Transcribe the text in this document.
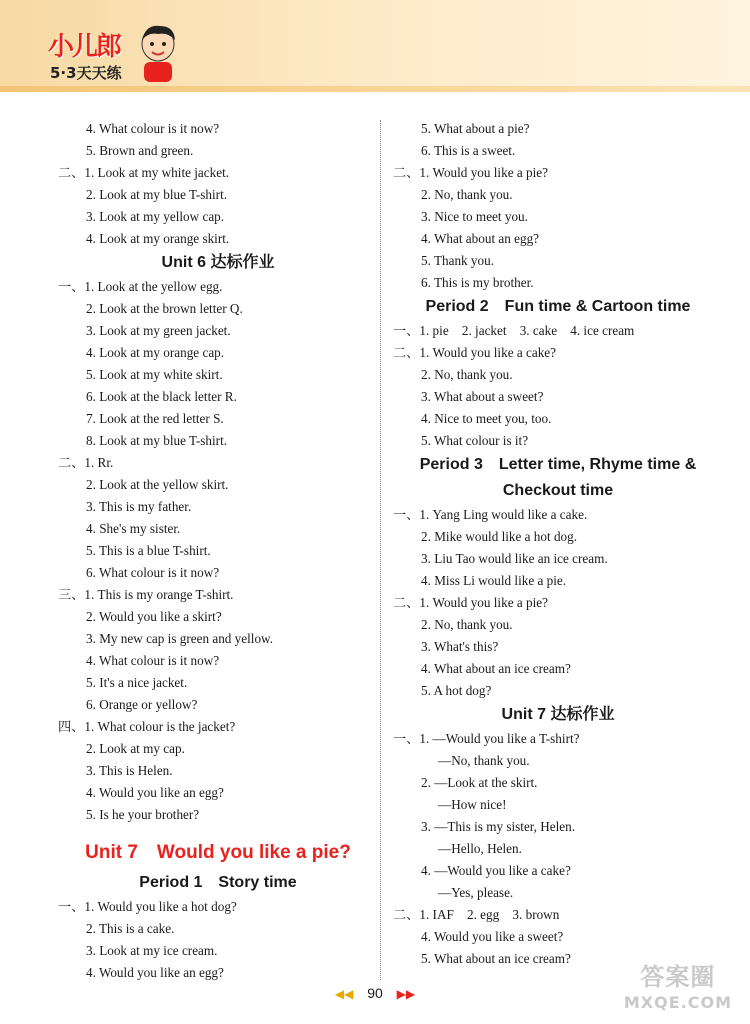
小儿郎
5·3天天练
4. What colour is it now?
5. Brown and green.
二、1. Look at my white jacket.
2. Look at my blue T-shirt.
3. Look at my yellow cap.
4. Look at my orange skirt.
Unit 6 达标作业
一、1. Look at the yellow egg.
2. Look at the brown letter Q.
3. Look at my green jacket.
4. Look at my orange cap.
5. Look at my white skirt.
6. Look at the black letter R.
7. Look at the red letter S.
8. Look at my blue T-shirt.
二、1. Rr.
2. Look at the yellow skirt.
3. This is my father.
4. She's my sister.
5. This is a blue T-shirt.
6. What colour is it now?
三、1. This is my orange T-shirt.
2. Would you like a skirt?
3. My new cap is green and yellow.
4. What colour is it now?
5. It's a nice jacket.
6. Orange or yellow?
四、1. What colour is the jacket?
2. Look at my cap.
3. This is Helen.
4. Would you like an egg?
5. Is he your brother?
Unit 7　Would you like a pie?
Period 1　Story time
一、1. Would you like a hot dog?
2. This is a cake.
3. Look at my ice cream.
4. Would you like an egg?
5. What about a pie?
6. This is a sweet.
二、1. Would you like a pie?
2. No, thank you.
3. Nice to meet you.
4. What about an egg?
5. Thank you.
6. This is my brother.
Period 2　Fun time & Cartoon time
一、1. pie　2. jacket　3. cake　4. ice cream
二、1. Would you like a cake?
2. No, thank you.
3. What about a sweet?
4. Nice to meet you, too.
5. What colour is it?
Period 3　Letter time, Rhyme time &
Checkout time
一、1. Yang Ling would like a cake.
2. Mike would like a hot dog.
3. Liu Tao would like an ice cream.
4. Miss Li would like a pie.
二、1. Would you like a pie?
2. No, thank you.
3. What's this?
4. What about an ice cream?
5. A hot dog?
Unit 7 达标作业
一、1. —Would you like a T-shirt?
—No, thank you.
2. —Look at the skirt.
—How nice!
3. —This is my sister, Helen.
—Hello, Helen.
4. —Would you like a cake?
—Yes, please.
二、1. IAF　2. egg　3. brown
4. Would you like a sweet?
5. What about an ice cream?
◀◀ 90 ▶▶
答案圈
MXQE.COM
